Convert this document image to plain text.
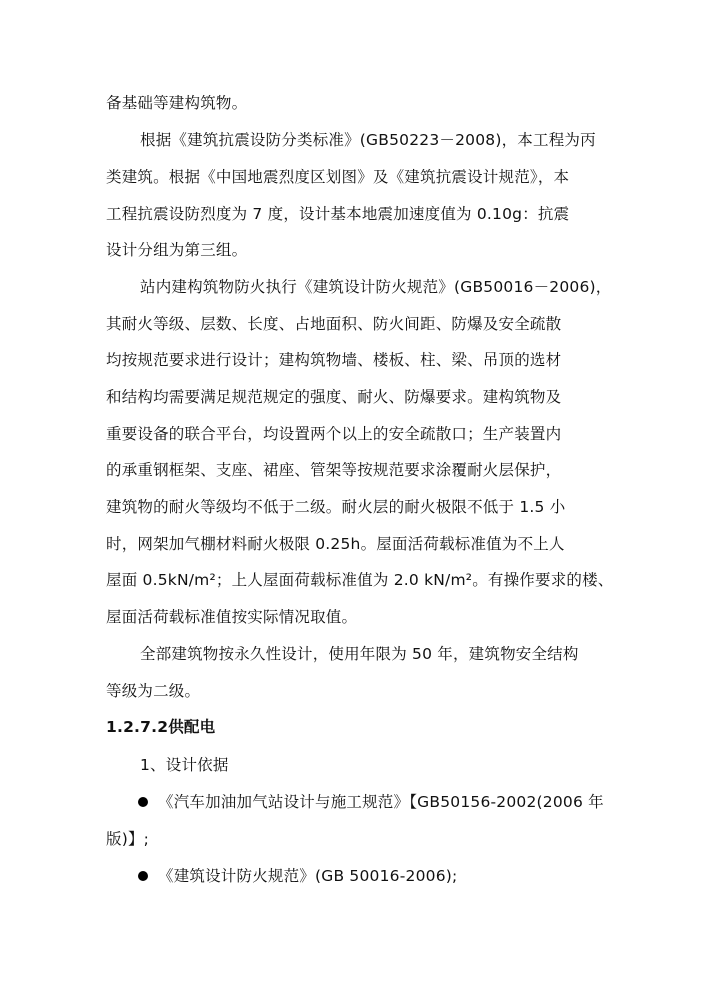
备基础等建构筑物。
根据《建筑抗震设防分类标准》(GB50223－2008)，本工程为丙
类建筑。根据《中国地震烈度区划图》及《建筑抗震设计规范》，本
工程抗震设防烈度为 7 度，设计基本地震加速度值为 0.10g：抗震
设计分组为第三组。
站内建构筑物防火执行《建筑设计防火规范》(GB50016－2006)，
其耐火等级、层数、长度、占地面积、防火间距、防爆及安全疏散
均按规范要求进行设计；建构筑物墙、楼板、柱、梁、吊顶的选材
和结构均需要满足规范规定的强度、耐火、防爆要求。建构筑物及
重要设备的联合平台，均设置两个以上的安全疏散口；生产装置内
的承重钢框架、支座、裙座、管架等按规范要求涂覆耐火层保护，
建筑物的耐火等级均不低于二级。耐火层的耐火极限不低于 1.5 小
时，网架加气棚材料耐火极限 0.25h。屋面活荷载标准值为不上人
屋面 0.5kN/m²；上人屋面荷载标准值为 2.0 kN/m²。有操作要求的楼、
屋面活荷载标准值按实际情况取值。
全部建筑物按永久性设计，使用年限为 50 年，建筑物安全结构
等级为二级。
1.2.7.2供配电
1、设计依据
《汽车加油加气站设计与施工规范》【GB50156-2002(2006 年
版)】;
《建筑设计防火规范》(GB 50016-2006);
